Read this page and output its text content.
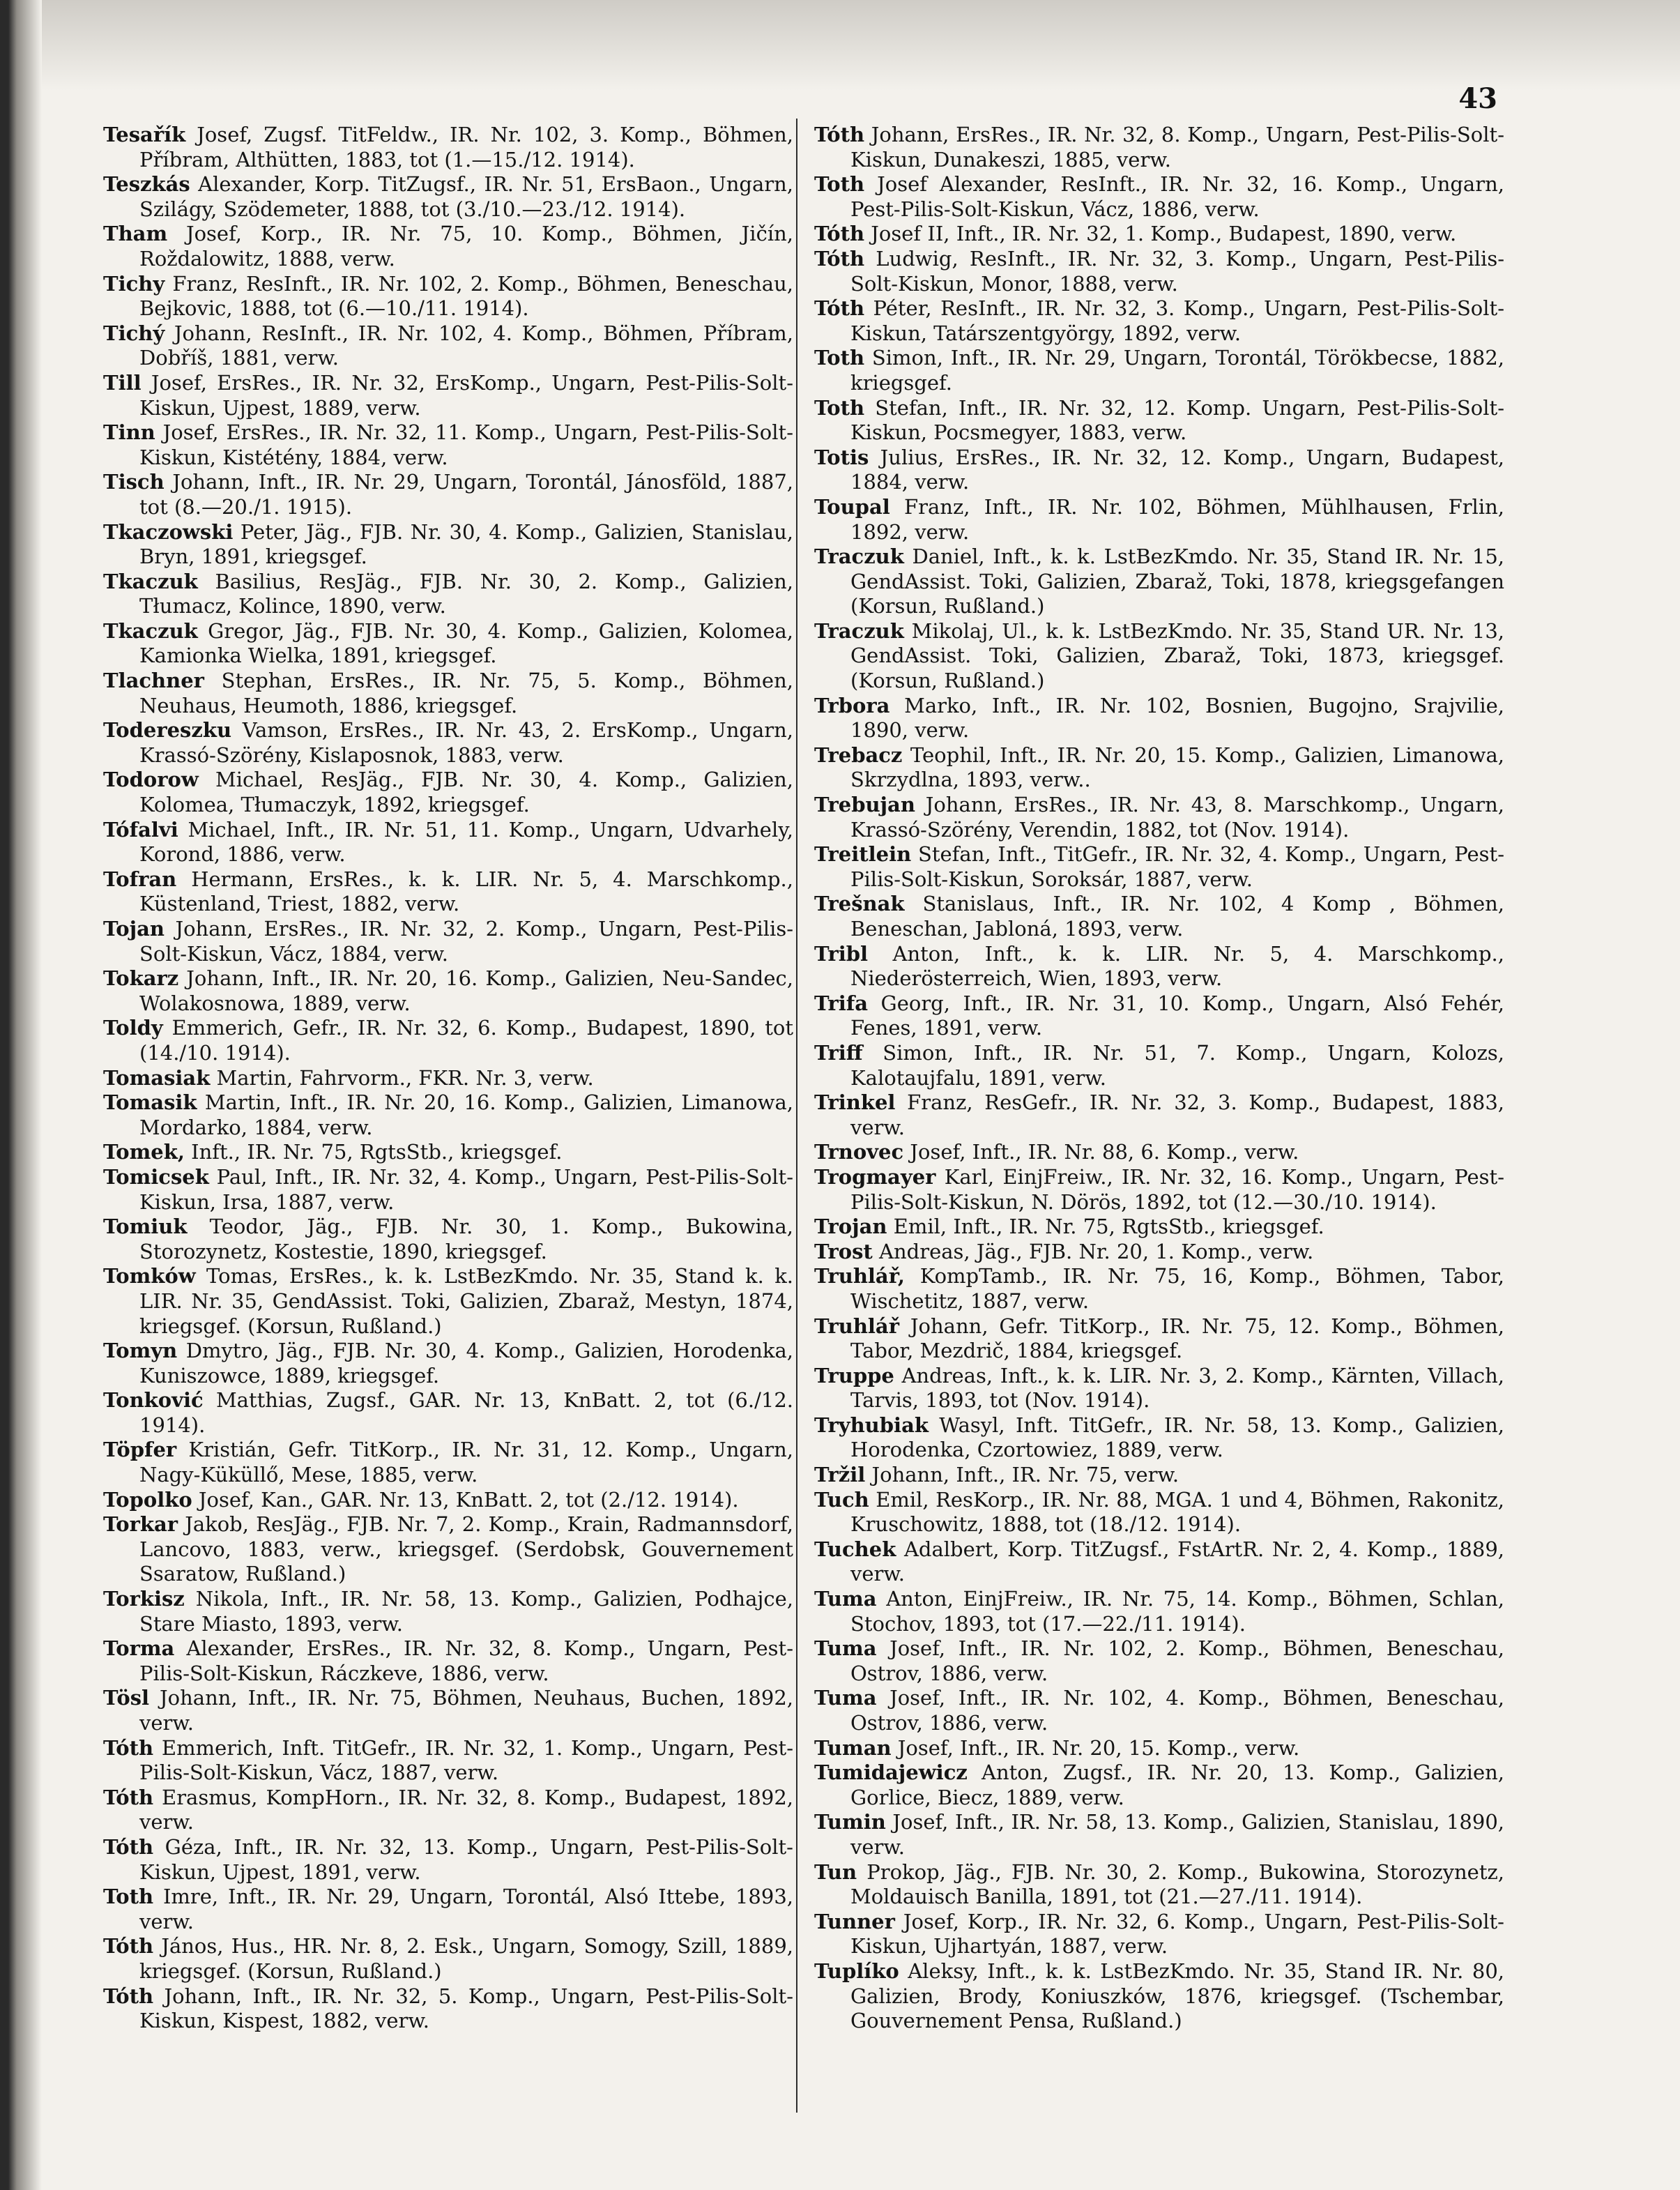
43
Tesařík Josef, Zugsf. TitFeldw., IR. Nr. 102, 3. Komp., Böhmen, Příbram, Althütten, 1883, tot (1.—15./12. 1914).
Teszkás Alexander, Korp. TitZugsf., IR. Nr. 51, ErsBaon., Ungarn, Szilágy, Szödemeter, 1888, tot (3./10.—23./12. 1914).
Tham Josef, Korp., IR. Nr. 75, 10. Komp., Böhmen, Jičín, Roždalowitz, 1888, verw.
Tichy Franz, ResInft., IR. Nr. 102, 2. Komp., Böhmen, Beneschau, Bejkovic, 1888, tot (6.—10./11. 1914).
Tichý Johann, ResInft., IR. Nr. 102, 4. Komp., Böhmen, Příbram, Dobříš, 1881, verw.
Till Josef, ErsRes., IR. Nr. 32, ErsKomp., Ungarn, Pest-Pilis-Solt-Kiskun, Ujpest, 1889, verw.
Tinn Josef, ErsRes., IR. Nr. 32, 11. Komp., Ungarn, Pest-Pilis-Solt-Kiskun, Kistétény, 1884, verw.
Tisch Johann, Inft., IR. Nr. 29, Ungarn, Torontál, Jánosföld, 1887, tot (8.—20./1. 1915).
Tkaczowski Peter, Jäg., FJB. Nr. 30, 4. Komp., Galizien, Stanislau, Bryn, 1891, kriegsgef.
Tkaczuk Basilius, ResJäg., FJB. Nr. 30, 2. Komp., Galizien, Tłumacz, Kolince, 1890, verw.
Tkaczuk Gregor, Jäg., FJB. Nr. 30, 4. Komp., Galizien, Kolomea, Kamionka Wielka, 1891, kriegsgef.
Tlachner Stephan, ErsRes., IR. Nr. 75, 5. Komp., Böhmen, Neuhaus, Heumoth, 1886, kriegsgef.
Todereszku Vamson, ErsRes., IR. Nr. 43, 2. ErsKomp., Ungarn, Krassó-Szörény, Kislaposnok, 1883, verw.
Todorow Michael, ResJäg., FJB. Nr. 30, 4. Komp., Galizien, Kolomea, Tłumaczyk, 1892, kriegsgef.
Tófalvi Michael, Inft., IR. Nr. 51, 11. Komp., Ungarn, Udvarhely, Korond, 1886, verw.
Tofran Hermann, ErsRes., k. k. LIR. Nr. 5, 4. Marschkomp., Küstenland, Triest, 1882, verw.
Tojan Johann, ErsRes., IR. Nr. 32, 2. Komp., Ungarn, Pest-Pilis-Solt-Kiskun, Vácz, 1884, verw.
Tokarz Johann, Inft., IR. Nr. 20, 16. Komp., Galizien, Neu-Sandec, Wolakosnowa, 1889, verw.
Toldy Emmerich, Gefr., IR. Nr. 32, 6. Komp., Budapest, 1890, tot (14./10. 1914).
Tomasiak Martin, Fahrvorm., FKR. Nr. 3, verw.
Tomasik Martin, Inft., IR. Nr. 20, 16. Komp., Galizien, Limanowa, Mordarko, 1884, verw.
Tomek, Inft., IR. Nr. 75, RgtsStb., kriegsgef.
Tomicsek Paul, Inft., IR. Nr. 32, 4. Komp., Ungarn, Pest-Pilis-Solt-Kiskun, Irsa, 1887, verw.
Tomiuk Teodor, Jäg., FJB. Nr. 30, 1. Komp., Bukowina, Storozynetz, Kostestie, 1890, kriegsgef.
Tomków Tomas, ErsRes., k. k. LstBezKmdo. Nr. 35, Stand k. k. LIR. Nr. 35, GendAssist. Toki, Galizien, Zbaraž, Mestyn, 1874, kriegsgef. (Korsun, Rußland.)
Tomyn Dmytro, Jäg., FJB. Nr. 30, 4. Komp., Galizien, Horodenka, Kuniszowce, 1889, kriegsgef.
Tonković Matthias, Zugsf., GAR. Nr. 13, KnBatt. 2, tot (6./12. 1914).
Töpfer Kristián, Gefr. TitKorp., IR. Nr. 31, 12. Komp., Ungarn, Nagy-Küküllő, Mese, 1885, verw.
Topolko Josef, Kan., GAR. Nr. 13, KnBatt. 2, tot (2./12. 1914).
Torkar Jakob, ResJäg., FJB. Nr. 7, 2. Komp., Krain, Radmannsdorf, Lancovo, 1883, verw., kriegsgef. (Serdobsk, Gouvernement Ssaratow, Rußland.)
Torkisz Nikola, Inft., IR. Nr. 58, 13. Komp., Galizien, Podhajce, Stare Miasto, 1893, verw.
Torma Alexander, ErsRes., IR. Nr. 32, 8. Komp., Ungarn, Pest-Pilis-Solt-Kiskun, Ráczkeve, 1886, verw.
Tösl Johann, Inft., IR. Nr. 75, Böhmen, Neuhaus, Buchen, 1892, verw.
Tóth Emmerich, Inft. TitGefr., IR. Nr. 32, 1. Komp., Ungarn, Pest-Pilis-Solt-Kiskun, Vácz, 1887, verw.
Tóth Erasmus, KompHorn., IR. Nr. 32, 8. Komp., Budapest, 1892, verw.
Tóth Géza, Inft., IR. Nr. 32, 13. Komp., Ungarn, Pest-Pilis-Solt-Kiskun, Ujpest, 1891, verw.
Toth Imre, Inft., IR. Nr. 29, Ungarn, Torontál, Alsó Ittebe, 1893, verw.
Tóth János, Hus., HR. Nr. 8, 2. Esk., Ungarn, Somogy, Szill, 1889, kriegsgef. (Korsun, Rußland.)
Tóth Johann, Inft., IR. Nr. 32, 5. Komp., Ungarn, Pest-Pilis-Solt-Kiskun, Kispest, 1882, verw.
Tóth Johann, ErsRes., IR. Nr. 32, 8. Komp., Ungarn, Pest-Pilis-Solt-Kiskun, Dunakeszi, 1885, verw.
Toth Josef Alexander, ResInft., IR. Nr. 32, 16. Komp., Ungarn, Pest-Pilis-Solt-Kiskun, Vácz, 1886, verw.
Tóth Josef II, Inft., IR. Nr. 32, 1. Komp., Budapest, 1890, verw.
Tóth Ludwig, ResInft., IR. Nr. 32, 3. Komp., Ungarn, Pest-Pilis-Solt-Kiskun, Monor, 1888, verw.
Tóth Péter, ResInft., IR. Nr. 32, 3. Komp., Ungarn, Pest-Pilis-Solt-Kiskun, Tatárszentgyörgy, 1892, verw.
Toth Simon, Inft., IR. Nr. 29, Ungarn, Torontál, Törökbecse, 1882, kriegsgef.
Toth Stefan, Inft., IR. Nr. 32, 12. Komp. Ungarn, Pest-Pilis-Solt-Kiskun, Pocsmegyer, 1883, verw.
Totis Julius, ErsRes., IR. Nr. 32, 12. Komp., Ungarn, Budapest, 1884, verw.
Toupal Franz, Inft., IR. Nr. 102, Böhmen, Mühlhausen, Frlin, 1892, verw.
Traczuk Daniel, Inft., k. k. LstBezKmdo. Nr. 35, Stand IR. Nr. 15, GendAssist. Toki, Galizien, Zbaraž, Toki, 1878, kriegsgefangen (Korsun, Rußland.)
Traczuk Mikolaj, Ul., k. k. LstBezKmdo. Nr. 35, Stand UR. Nr. 13, GendAssist. Toki, Galizien, Zbaraž, Toki, 1873, kriegsgef. (Korsun, Rußland.)
Trbora Marko, Inft., IR. Nr. 102, Bosnien, Bugojno, Srajvilie, 1890, verw.
Trebacz Teophil, Inft., IR. Nr. 20, 15. Komp., Galizien, Limanowa, Skrzydlna, 1893, verw..
Trebujan Johann, ErsRes., IR. Nr. 43, 8. Marschkomp., Ungarn, Krassó-Szörény, Verendin, 1882, tot (Nov. 1914).
Treitlein Stefan, Inft., TitGefr., IR. Nr. 32, 4. Komp., Ungarn, Pest-Pilis-Solt-Kiskun, Soroksár, 1887, verw.
Trešnak Stanislaus, Inft., IR. Nr. 102, 4 Komp , Böhmen, Beneschan, Jabloná, 1893, verw.
Tribl Anton, Inft., k. k. LIR. Nr. 5, 4. Marschkomp., Niederösterreich, Wien, 1893, verw.
Trifa Georg, Inft., IR. Nr. 31, 10. Komp., Ungarn, Alsó Fehér, Fenes, 1891, verw.
Triff Simon, Inft., IR. Nr. 51, 7. Komp., Ungarn, Kolozs, Kalotaujfalu, 1891, verw.
Trinkel Franz, ResGefr., IR. Nr. 32, 3. Komp., Budapest, 1883, verw.
Trnovec Josef, Inft., IR. Nr. 88, 6. Komp., verw.
Trogmayer Karl, EinjFreiw., IR. Nr. 32, 16. Komp., Ungarn, Pest-Pilis-Solt-Kiskun, N. Dörös, 1892, tot (12.—30./10. 1914).
Trojan Emil, Inft., IR. Nr. 75, RgtsStb., kriegsgef.
Trost Andreas, Jäg., FJB. Nr. 20, 1. Komp., verw.
Truhlář, KompTamb., IR. Nr. 75, 16, Komp., Böhmen, Tabor, Wischetitz, 1887, verw.
Truhlář Johann, Gefr. TitKorp., IR. Nr. 75, 12. Komp., Böhmen, Tabor, Mezdrič, 1884, kriegsgef.
Truppe Andreas, Inft., k. k. LIR. Nr. 3, 2. Komp., Kärnten, Villach, Tarvis, 1893, tot (Nov. 1914).
Tryhubiak Wasyl, Inft. TitGefr., IR. Nr. 58, 13. Komp., Galizien, Horodenka, Czortowiez, 1889, verw.
Tržil Johann, Inft., IR. Nr. 75, verw.
Tuch Emil, ResKorp., IR. Nr. 88, MGA. 1 und 4, Böhmen, Rakonitz, Kruschowitz, 1888, tot (18./12. 1914).
Tuchek Adalbert, Korp. TitZugsf., FstArtR. Nr. 2, 4. Komp., 1889, verw.
Tuma Anton, EinjFreiw., IR. Nr. 75, 14. Komp., Böhmen, Schlan, Stochov, 1893, tot (17.—22./11. 1914).
Tuma Josef, Inft., IR. Nr. 102, 2. Komp., Böhmen, Beneschau, Ostrov, 1886, verw.
Tuma Josef, Inft., IR. Nr. 102, 4. Komp., Böhmen, Beneschau, Ostrov, 1886, verw.
Tuman Josef, Inft., IR. Nr. 20, 15. Komp., verw.
Tumidajewicz Anton, Zugsf., IR. Nr. 20, 13. Komp., Galizien, Gorlice, Biecz, 1889, verw.
Tumin Josef, Inft., IR. Nr. 58, 13. Komp., Galizien, Stanislau, 1890, verw.
Tun Prokop, Jäg., FJB. Nr. 30, 2. Komp., Bukowina, Storozynetz, Moldauisch Banilla, 1891, tot (21.—27./11. 1914).
Tunner Josef, Korp., IR. Nr. 32, 6. Komp., Ungarn, Pest-Pilis-Solt-Kiskun, Ujhartyán, 1887, verw.
Tuplíko Aleksy, Inft., k. k. LstBezKmdo. Nr. 35, Stand IR. Nr. 80, Galizien, Brody, Koniuszków, 1876, kriegsgef. (Tschembar, Gouvernement Pensa, Rußland.)
